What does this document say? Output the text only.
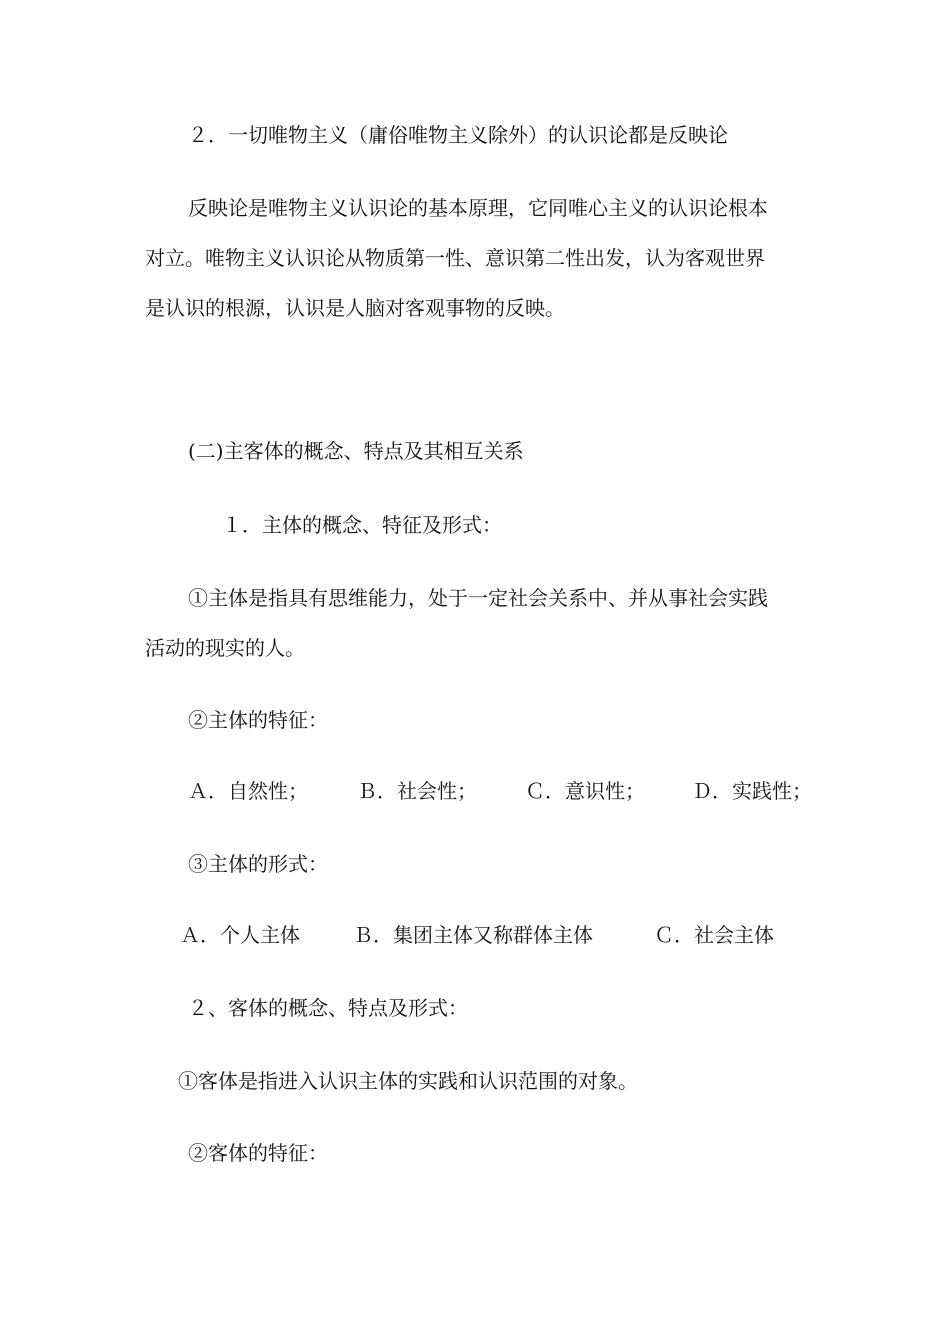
２．一切唯物主义（庸俗唯物主义除外）的认识论都是反映论
反映论是唯物主义认识论的基本原理，它同唯心主义的认识论根本
对立。唯物主义认识论从物质第一性、意识第二性出发，认为客观世界
是认识的根源，认识是人脑对客观事物的反映。
(二)主客体的概念、特点及其相互关系
１．主体的概念、特征及形式：
①主体是指具有思维能力，处于一定社会关系中、并从事社会实践
活动的现实的人。
②主体的特征：
Ａ．自然性； Ｂ．社会性； Ｃ．意识性； Ｄ．实践性；
③主体的形式：
Ａ．个人主体	Ｂ．集团主体又称群体主体	Ｃ．社会主体
２、客体的概念、特点及形式：
①客体是指进入认识主体的实践和认识范围的对象。
②客体的特征：
